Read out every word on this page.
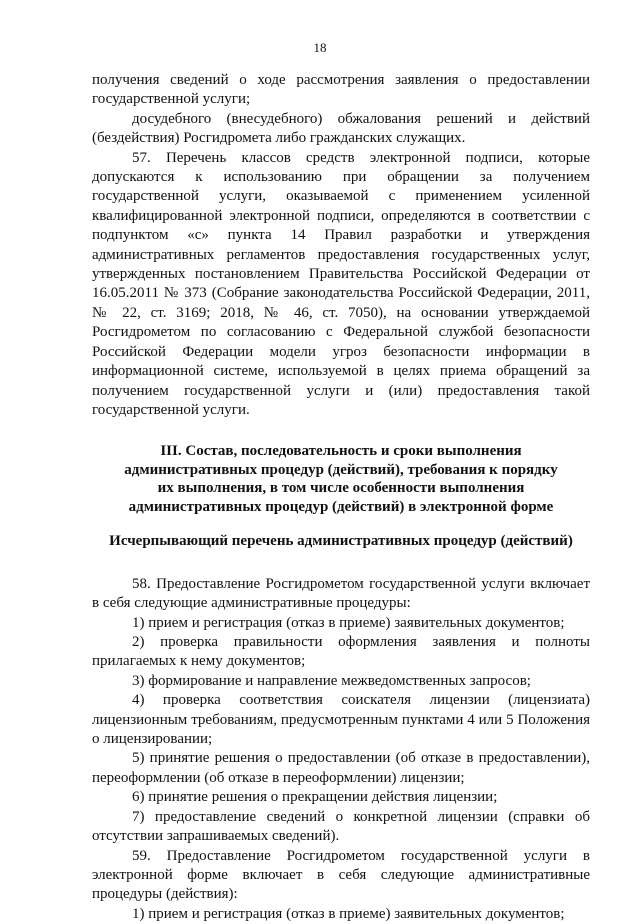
18

получения сведений о ходе рассмотрения заявления о предоставлении государственной услуги;

досудебного (внесудебного) обжалования решений и действий (бездействия) Росгидромета либо гражданских служащих.

57. Перечень классов средств электронной подписи, которые допускаются к использованию при обращении за получением государственной услуги, оказываемой с применением усиленной квалифицированной электронной подписи, определяются в соответствии с подпунктом «с» пункта 14 Правил разработки и утверждения административных регламентов предоставления государственных услуг, утвержденных постановлением Правительства Российской Федерации от 16.05.2011 № 373 (Собрание законодательства Российской Федерации, 2011, № 22, ст. 3169; 2018, № 46, ст. 7050), на основании утверждаемой Росгидрометом по согласованию с Федеральной службой безопасности Российской Федерации модели угроз безопасности информации в информационной системе, используемой в целях приема обращений за получением государственной услуги и (или) предоставления такой государственной услуги.

III. Состав, последовательность и сроки выполнения

административных процедур (действий), требования к порядку

их выполнения, в том числе особенности выполнения

административных процедур (действий) в электронной форме

Исчерпывающий перечень административных процедур (действий)

58. Предоставление Росгидрометом государственной услуги включает в себя следующие административные процедуры:

1) прием и регистрация (отказ в приеме) заявительных документов;

2) проверка правильности оформления заявления и полноты прилагаемых к нему документов;

3) формирование и направление межведомственных запросов;

4) проверка соответствия соискателя лицензии (лицензиата) лицензионным требованиям, предусмотренным пунктами 4 или 5 Положения о лицензировании;

5) принятие решения о предоставлении (об отказе в предоставлении), переоформлении (об отказе в переоформлении) лицензии;

6) принятие решения о прекращении действия лицензии;

7) предоставление сведений о конкретной лицензии (справки об отсутствии запрашиваемых сведений).

59. Предоставление Росгидрометом государственной услуги в электронной форме включает в себя следующие административные процедуры (действия):

1) прием и регистрация (отказ в приеме) заявительных документов;
